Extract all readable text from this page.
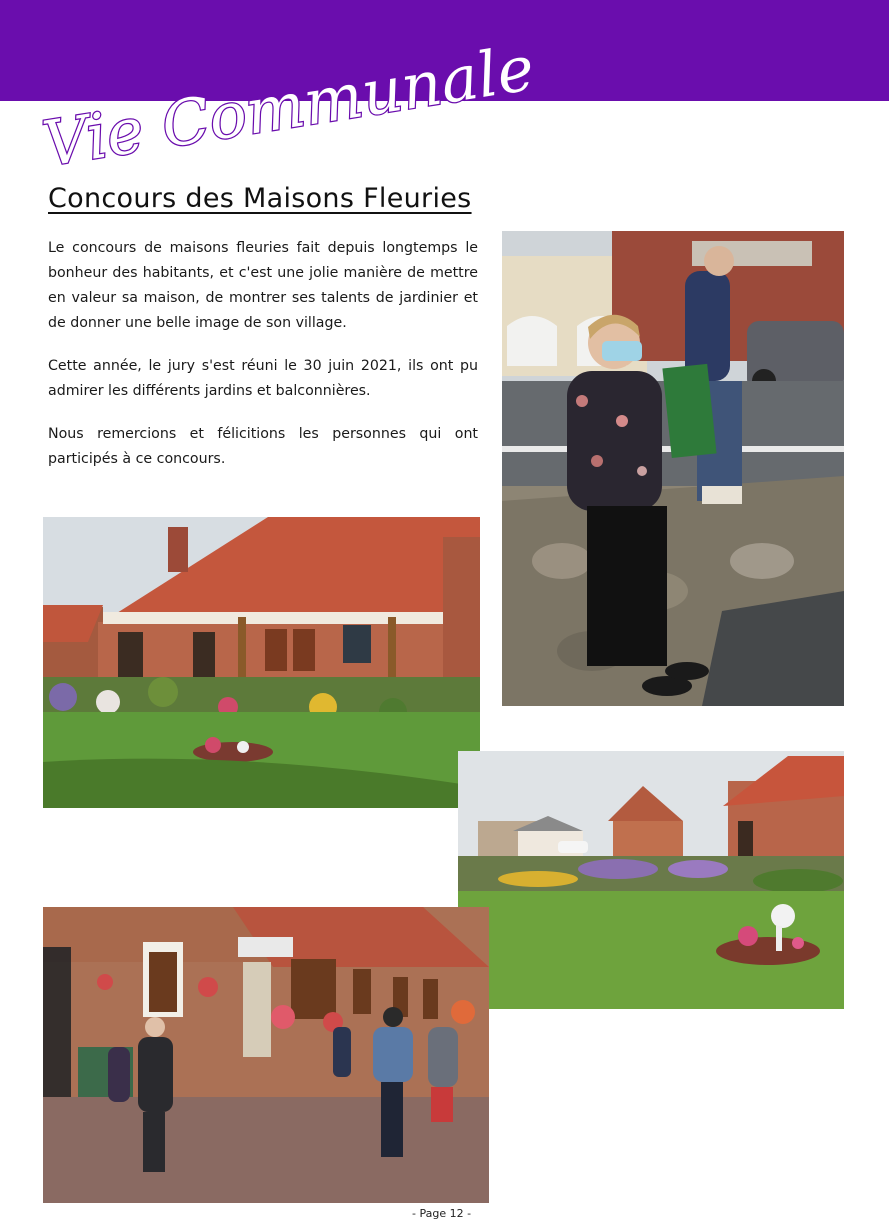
Vie Communale
Concours des Maisons Fleuries

Le concours de maisons fleuries fait depuis longtemps le bonheur des habitants, et c'est une jolie manière de mettre en valeur sa maison, de montrer ses talents de jardinier et de donner une belle image de son village.

Cette année, le jury s'est réuni le 30 juin 2021, ils ont pu admirer les différents jardins et balconnières.

Nous remercions et félicitions les personnes qui ont participés à ce concours.

- Page 12 -
